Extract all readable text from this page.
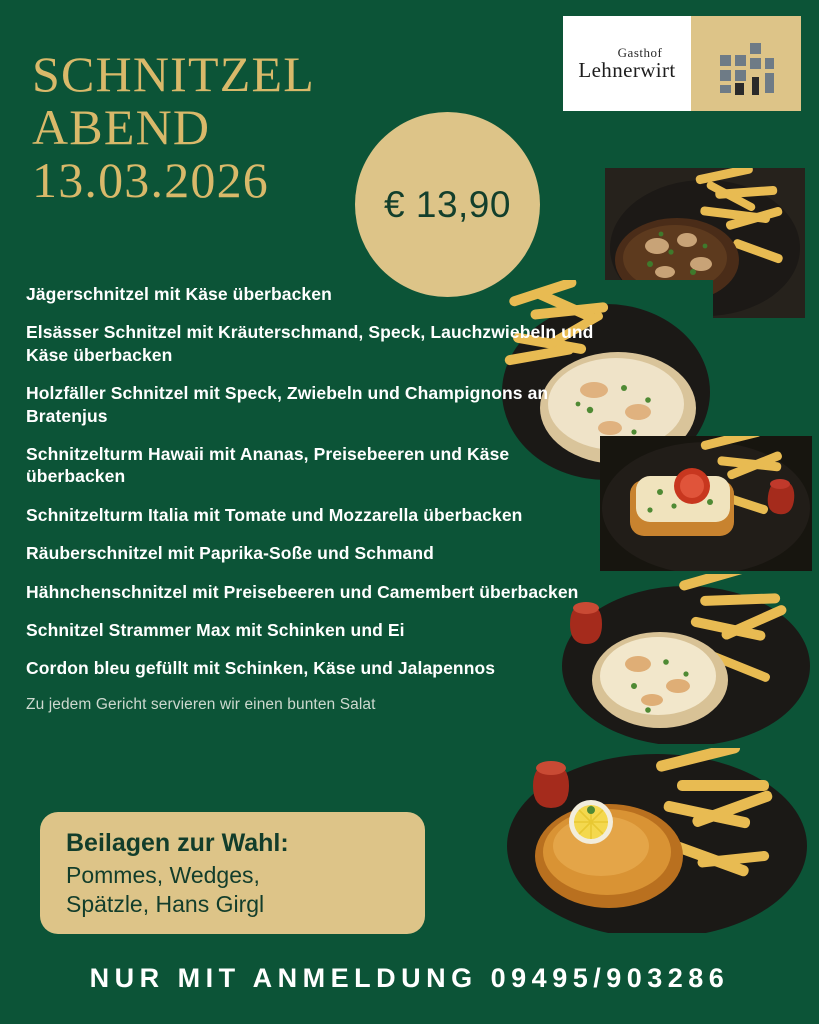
SCHNITZEL
ABEND
13.03.2026	€ 13,90
Gasthof
Lehnerwirt
Jägerschnitzel mit Käse überbacken
Elsässer Schnitzel mit Kräuterschmand, Speck, Lauchzwiebeln und Käse überbacken
Holzfäller Schnitzel mit Speck, Zwiebeln und Champignons an Bratenjus
Schnitzelturm Hawaii mit Ananas, Preisebeeren und Käse überbacken
Schnitzelturm Italia mit Tomate und Mozzarella überbacken
Räuberschnitzel mit Paprika-Soße und Schmand
Hähnchenschnitzel mit Preisebeeren und Camembert überbacken
Schnitzel Strammer Max mit Schinken und Ei
Cordon bleu gefüllt mit Schinken, Käse und Jalapennos
Zu jedem Gericht servieren wir einen bunten Salat
Beilagen zur Wahl:
Pommes, Wedges,
Spätzle, Hans Girgl
NUR MIT ANMELDUNG 09495/903286
